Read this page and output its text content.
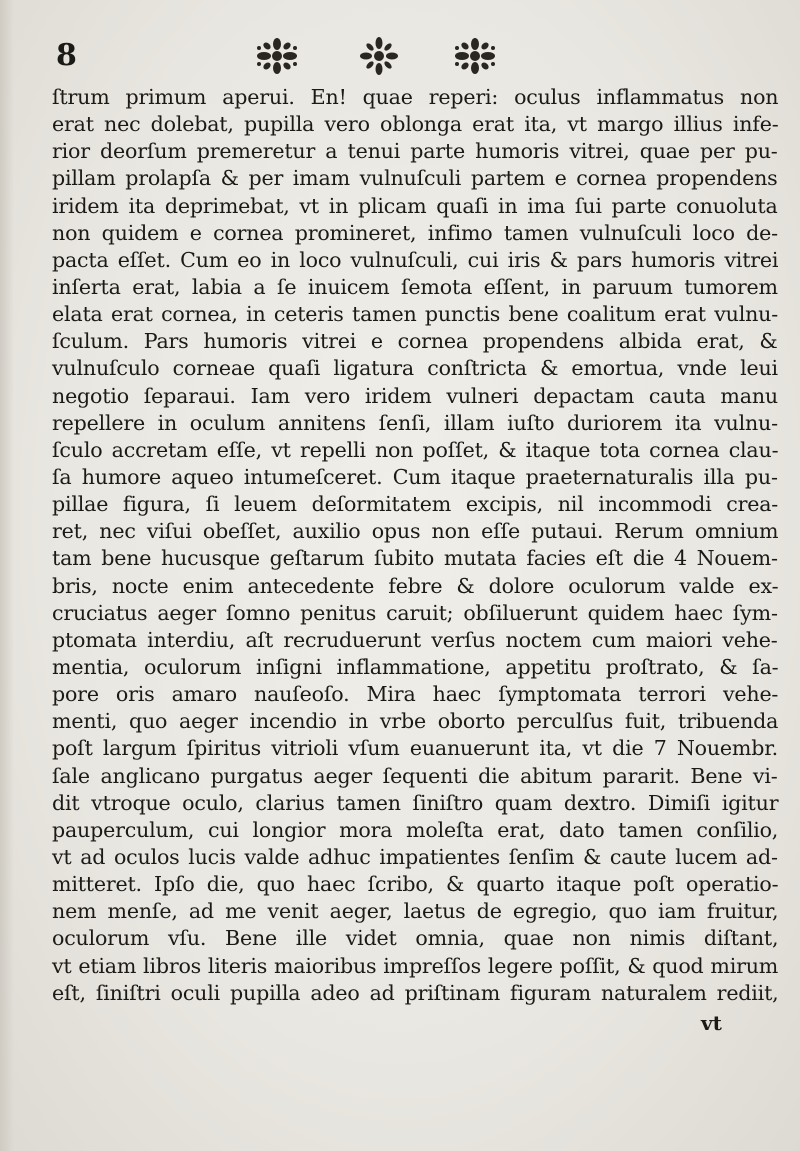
8
ſtrum primum aperui. En! quae reperi: oculus inflammatus non
erat nec dolebat, pupilla vero oblonga erat ita, vt margo illius infe-
rior deorſum premeretur a tenui parte humoris vitrei, quae per pu-
pillam prolapſa & per imam vulnuſculi partem e cornea propendens
iridem ita deprimebat, vt in plicam quaſi in ima ſui parte conuoluta
non quidem e cornea promineret, infimo tamen vulnuſculi loco de-
pacta eſſet. Cum eo in loco vulnuſculi, cui iris & pars humoris vitrei
inſerta erat, labia a ſe inuicem ſemota eſſent, in paruum tumorem
elata erat cornea, in ceteris tamen punctis bene coalitum erat vulnu-
ſculum. Pars humoris vitrei e cornea propendens albida erat, &
vulnuſculo corneae quaſi ligatura conſtricta & emortua, vnde leui
negotio ſeparaui. Iam vero iridem vulneri depactam cauta manu
repellere in oculum annitens ſenſi, illam iuſto duriorem ita vulnu-
ſculo accretam eſſe, vt repelli non poſſet, & itaque tota cornea clau-
ſa humore aqueo intumeſceret. Cum itaque praeternaturalis illa pu-
pillae figura, ſi leuem deſormitatem excipis, nil incommodi crea-
ret, nec viſui obeſſet, auxilio opus non eſſe putaui. Rerum omnium
tam bene hucusque geſtarum ſubito mutata facies eſt die 4 Nouem-
bris, nocte enim antecedente febre & dolore oculorum valde ex-
cruciatus aeger ſomno penitus caruit; obſiluerunt quidem haec ſym-
ptomata interdiu, aſt recruduerunt verſus noctem cum maiori vehe-
mentia, oculorum inſigni inflammatione, appetitu proſtrato, & ſa-
pore oris amaro nauſeoſo. Mira haec ſymptomata terrori vehe-
menti, quo aeger incendio in vrbe oborto perculſus fuit, tribuenda
poſt largum ſpiritus vitrioli vſum euanuerunt ita, vt die 7 Nouembr.
ſale anglicano purgatus aeger ſequenti die abitum pararit. Bene vi-
dit vtroque oculo, clarius tamen ſiniſtro quam dextro. Dimiſi igitur
pauperculum, cui longior mora moleſta erat, dato tamen conſilio,
vt ad oculos lucis valde adhuc impatientes ſenſim & caute lucem ad-
mitteret. Ipſo die, quo haec ſcribo, & quarto itaque poſt operatio-
nem menſe, ad me venit aeger, laetus de egregio, quo iam fruitur,
oculorum vſu. Bene ille videt omnia, quae non nimis diſtant,
vt etiam libros literis maioribus impreſſos legere poſſit, & quod mirum
eſt, ſiniſtri oculi pupilla adeo ad priſtinam figuram naturalem rediit,
vt
